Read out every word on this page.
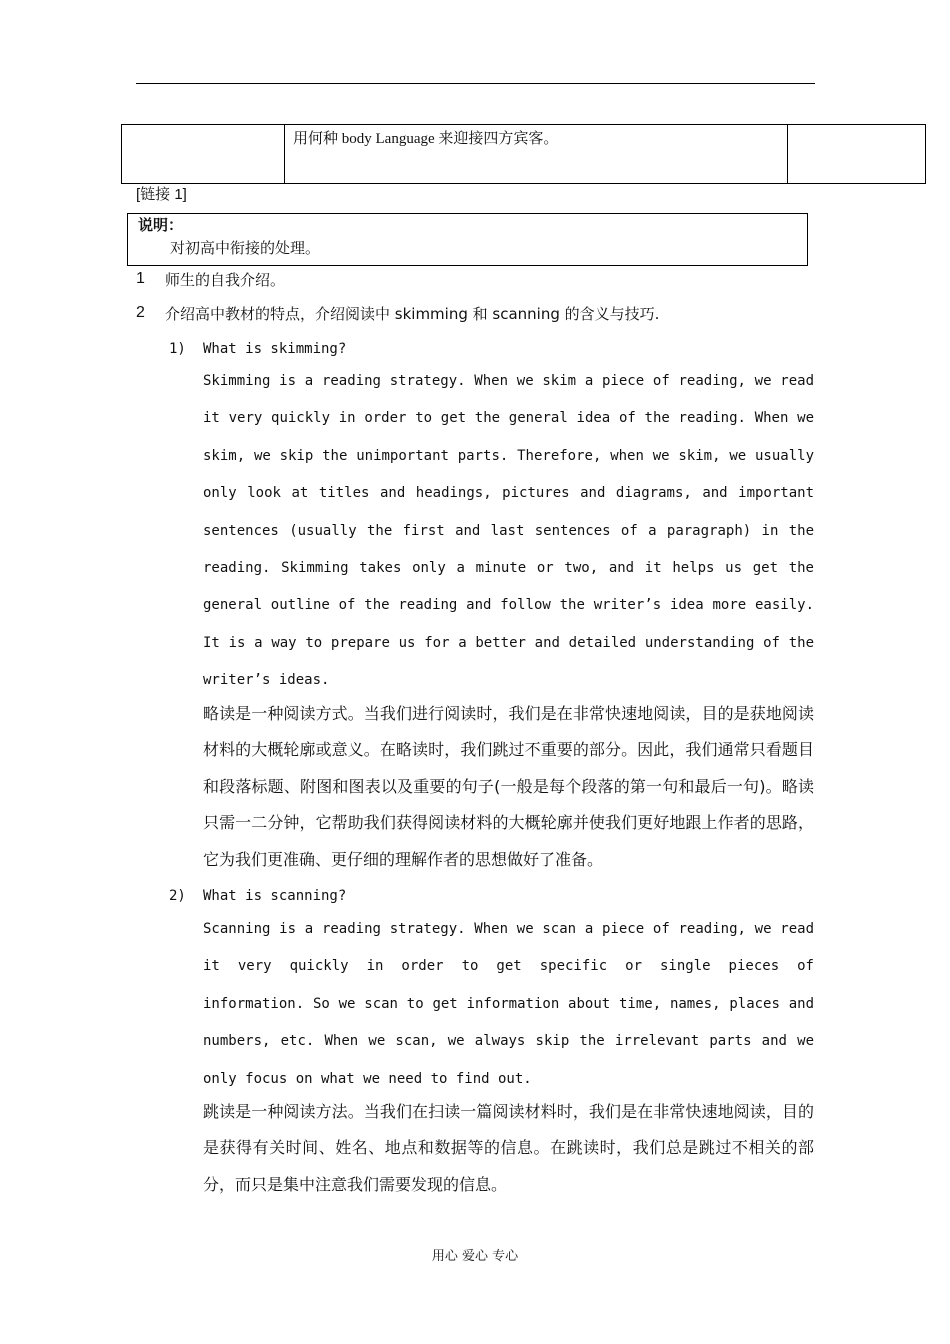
用何种 body Language 来迎接四方宾客。

[链接 1]
说明：
对初高中衔接的处理。
1 师生的自我介绍。
2 介绍高中教材的特点，介绍阅读中 skimming 和 scanning 的含义与技巧.
1) What is skimming?
Skimming is a reading strategy. When we skim a piece of reading, we read it very quickly in order to get the general idea of the reading. When we skim, we skip the unimportant parts. Therefore, when we skim, we usually only look at titles and headings, pictures and diagrams, and important sentences (usually the first and last sentences of a paragraph) in the reading. Skimming takes only a minute or two, and it helps us get the general outline of the reading and follow the writer’s idea more easily. It is a way to prepare us for a better and detailed understanding of the writer’s ideas.
略读是一种阅读方式。当我们进行阅读时，我们是在非常快速地阅读，目的是获地阅读材料的大概轮廓或意义。在略读时，我们跳过不重要的部分。因此，我们通常只看题目和段落标题、附图和图表以及重要的句子(一般是每个段落的第一句和最后一句)。略读只需一二分钟，它帮助我们获得阅读材料的大概轮廓并使我们更好地跟上作者的思路，它为我们更准确、更仔细的理解作者的思想做好了准备。
2) What is scanning?
Scanning is a reading strategy. When we scan a piece of reading, we read it very quickly in order to get specific or single pieces of information. So we scan to get information about time, names, places and numbers, etc. When we scan, we always skip the irrelevant parts and we only focus on what we need to find out.
跳读是一种阅读方法。当我们在扫读一篇阅读材料时，我们是在非常快速地阅读，目的是获得有关时间、姓名、地点和数据等的信息。在跳读时，我们总是跳过不相关的部分，而只是集中注意我们需要发现的信息。
用心 爱心 专心
